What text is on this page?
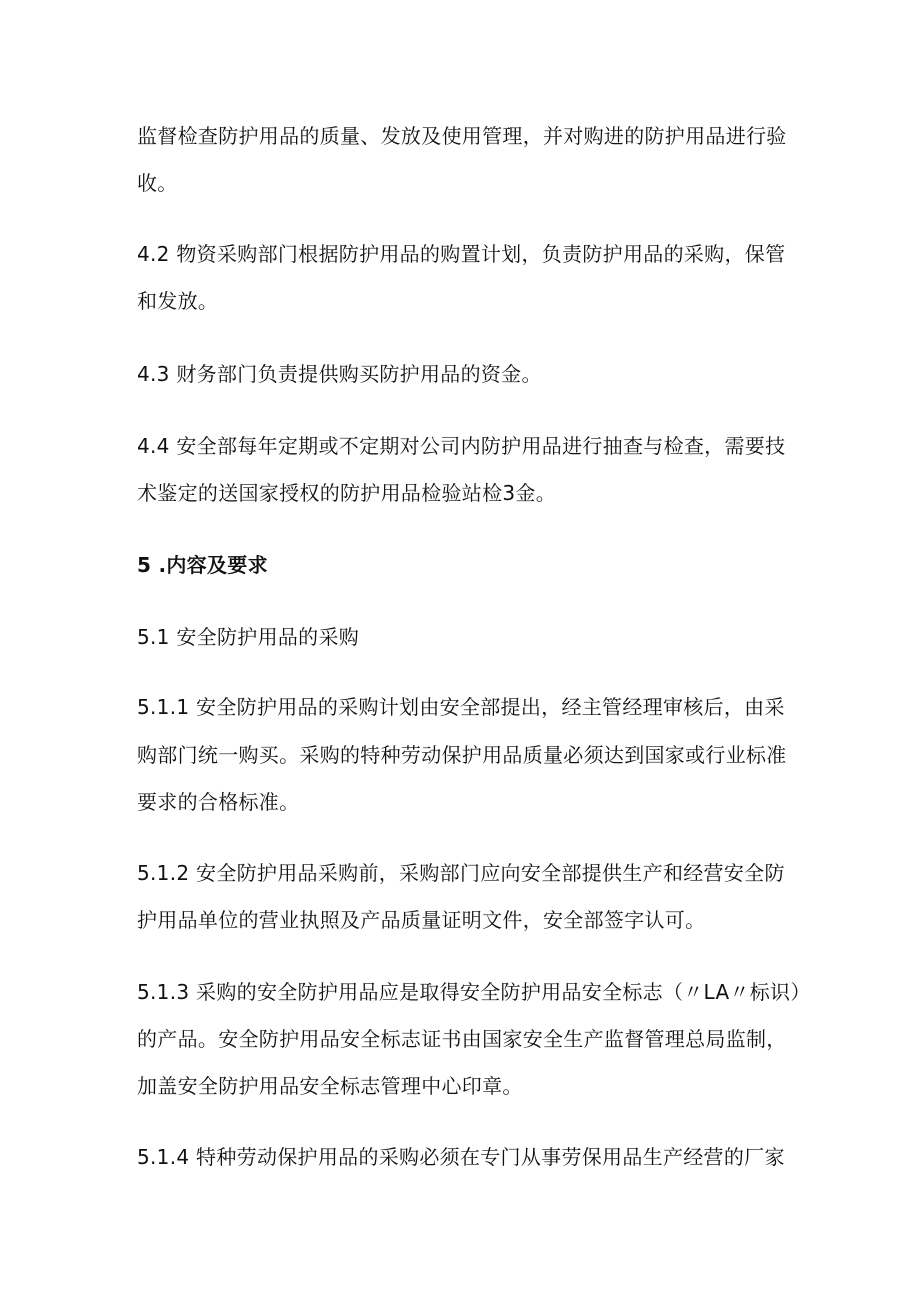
监督检查防护用品的质量、发放及使用管理，并对购进的防护用品进行验
收。
4.2 物资采购部门根据防护用品的购置计划，负责防护用品的采购，保管
和发放。
4.3 财务部门负责提供购买防护用品的资金。
4.4 安全部每年定期或不定期对公司内防护用品进行抽查与检查，需要技
术鉴定的送国家授权的防护用品检验站检3金。
5 .内容及要求
5.1 安全防护用品的采购
5.1.1 安全防护用品的采购计划由安全部提出，经主管经理审核后，由采
购部门统一购买。采购的特种劳动保护用品质量必须达到国家或行业标准
要求的合格标准。
5.1.2 安全防护用品采购前，采购部门应向安全部提供生产和经营安全防
护用品单位的营业执照及产品质量证明文件，安全部签字认可。
5.1.3 采购的安全防护用品应是取得安全防护用品安全标志（〃LA〃标识）
的产品。安全防护用品安全标志证书由国家安全生产监督管理总局监制，
加盖安全防护用品安全标志管理中心印章。
5.1.4 特种劳动保护用品的采购必须在专门从事劳保用品生产经营的厂家
